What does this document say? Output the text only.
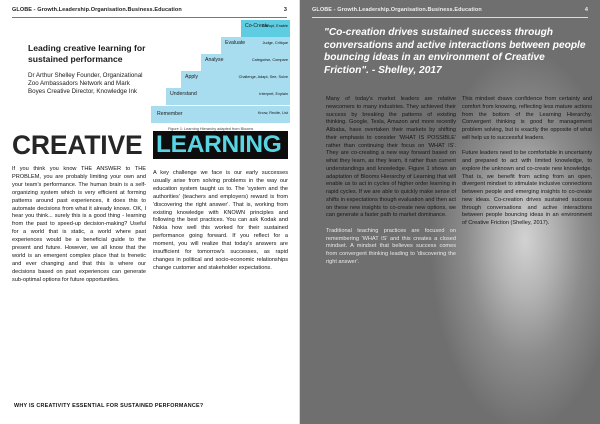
GLOBE - Growth.Leadership.Organisation.Business.Education	3
Leading creative learning for sustained performance
Dr Arthur Shelley Founder, Organizational Zoo Ambassadors Network and Mark Boyes Creative Director, Knowledge Ink
Co-Create
Disrupt, Enable
Evaluate	Judge, Critique
Analyse	Categorise, Compare
Apply	Challenge, Adapt, See, Solve
Understand	Interpret, Explain
Remember	Know, Recite, List
Figure 1: Learning Hierarchy adapted from Blooms
CREATIVE LEARNING
If you think you know THE ANSWER to THE PROBLEM, you are probably limiting your own and your team's performance. The human brain is a self-organizing system which is very efficient at forming patterns around past experiences, it does this to automate decisions from what it already knows. OK, I hear you think... surely this is a good thing - learning from the past to speed-up decision-making? Useful for a world that is static, a world where past experiences would be a beneficial guide to the present and future. However, we all know that the world is an emergent complex place that is frenetic and ever changing and that this is where our decisions based on past experiences can generate sub-optimal options for future opportunities.
A key challenge we face is our early successes usually arise from solving problems in the way our education system taught us to. The 'system and the authorities' (teachers and employers) reward is from 'discovering the right answer'. That is, working from existing knowledge with KNOWN principles and following the best practices. You can ask Kodak and Nokia how well this worked for their sustained performance going forward. If you reflect for a moment, you will realize that today's answers are insufficient for tomorrow's successes, as rapid changes in political and socio-economic relationships change customer and stakeholder expectations.
WHY IS CREATIVITY ESSENTIAL FOR SUSTAINED PERFORMANCE?
GLOBE - Growth.Leadership.Organisation.Business.Education	4
"Co-creation drives sustained success through conversations and active interactions between people bouncing ideas in an environment of Creative Friction". - Shelley, 2017

Many of today's market leaders are relative newcomers to many industries. They achieved their success by breaking the patterns of existing thinking. Google, Tesla, Amazon and more recently Alibaba, have overtaken their markets by shifting their emphasis to consider 'WHAT IS POSSIBLE' rather than continuing their focus on 'WHAT IS'. They are co-creating a new way forward based on what they learn, as they learn, it rather than current understandings and knowledge. Figure 1 shows an adaptation of Blooms Hierarchy of Learning that will enable us to act in cycles of higher order learning in rapid cycles. If we are able to quickly make sense of shifts in expectations though evaluation and then act on these new insights to co-create new options, we can generate a faster path to market dominance.

Traditional teaching practices are focused on remembering 'WHAT IS' and this creates a closed mindset. A mindset that believes success comes from convergent thinking leading to 'discovering the right answer'.

This mindset draws confidence from certainty and comfort from knowing, reflecting less mature actions from the bottom of the Learning Hierarchy. Convergent thinking is good for management problem solving, but is exactly the opposite of what will help us to successful leaders.

Future leaders need to be comfortable in uncertainty and prepared to act with limited knowledge, to explore the unknown and co-create new knowledge. That is, we benefit from acting from an open, divergent mindset to stimulate inclusive connections between people and emerging insights to co-create new ideas. Co-creation drives sustained success through conversations and active interactions between people bouncing ideas in an environment of Creative Friction (Shelley, 2017).
